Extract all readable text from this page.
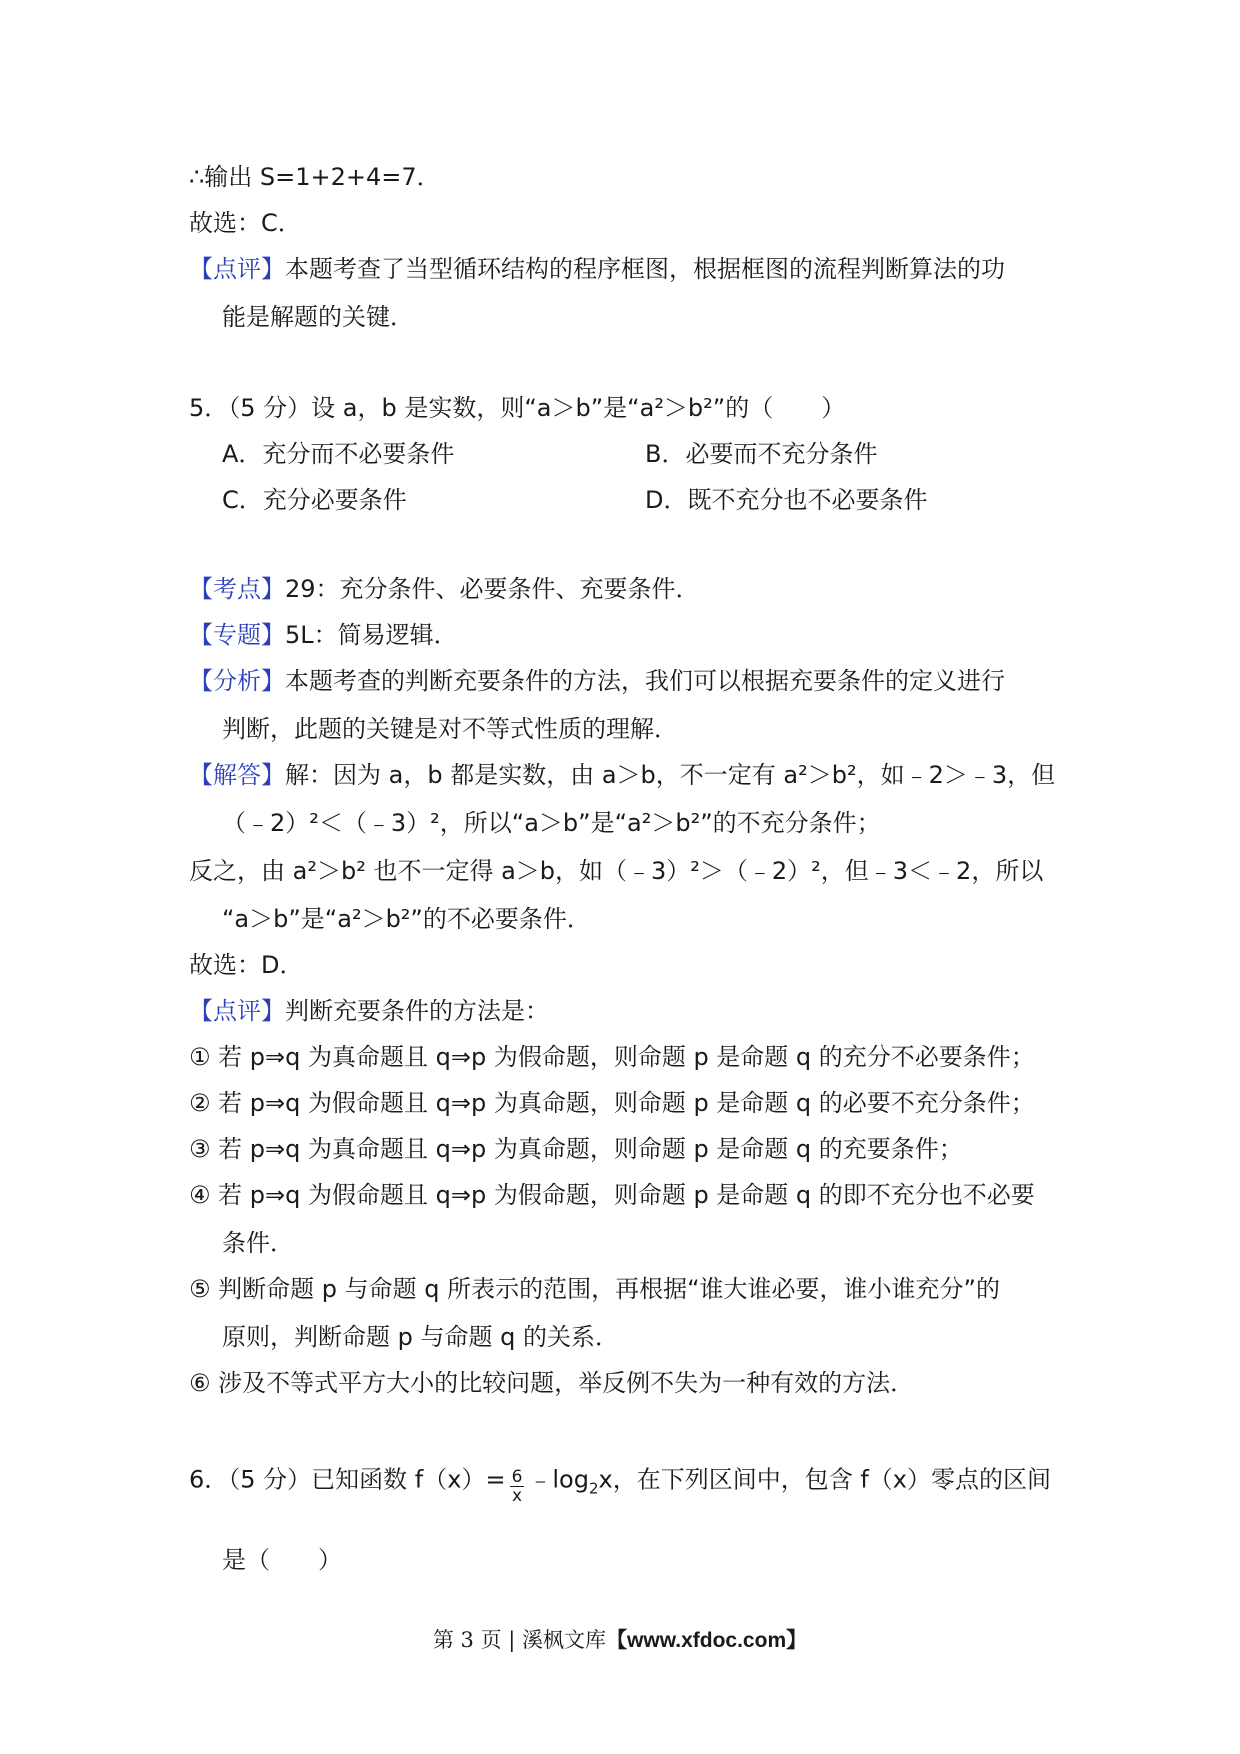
∴输出 S=1+2+4=7．
故选：C．
【点评】本题考查了当型循环结构的程序框图，根据框图的流程判断算法的功
能是解题的关键．
5．（5 分）设 a，b 是实数，则“a＞b”是“a²＞b²”的（　　）
A．充分而不必要条件	B．必要而不充分条件
C．充分必要条件	D．既不充分也不必要条件
【考点】29：充分条件、必要条件、充要条件．
【专题】5L：简易逻辑．
【分析】本题考查的判断充要条件的方法，我们可以根据充要条件的定义进行
判断，此题的关键是对不等式性质的理解．
【解答】解：因为 a，b 都是实数，由 a＞b，不一定有 a²＞b²，如﹣2＞﹣3，但
（﹣2）²＜（﹣3）²，所以“a＞b”是“a²＞b²”的不充分条件；
反之，由 a²＞b² 也不一定得 a＞b，如（﹣3）²＞（﹣2）²，但﹣3＜﹣2，所以
“a＞b”是“a²＞b²”的不必要条件．
故选：D．
【点评】判断充要条件的方法是：
① 若 p⇒q 为真命题且 q⇒p 为假命题，则命题 p 是命题 q 的充分不必要条件；
② 若 p⇒q 为假命题且 q⇒p 为真命题，则命题 p 是命题 q 的必要不充分条件；
③ 若 p⇒q 为真命题且 q⇒p 为真命题，则命题 p 是命题 q 的充要条件；
④ 若 p⇒q 为假命题且 q⇒p 为假命题，则命题 p 是命题 q 的即不充分也不必要
条件．
⑤ 判断命题 p 与命题 q 所表示的范围，再根据“谁大谁必要，谁小谁充分”的
原则，判断命题 p 与命题 q 的关系．
⑥ 涉及不等式平方大小的比较问题，举反例不失为一种有效的方法．
6．（5 分）已知函数 $f(x)= \frac{6}{x}$ $﹣\log_2x$，在下列区间中，包含 f（x）零点的区间
是（　　）
第 3 页 | 溪枫文库【www.xfdoc.com】
